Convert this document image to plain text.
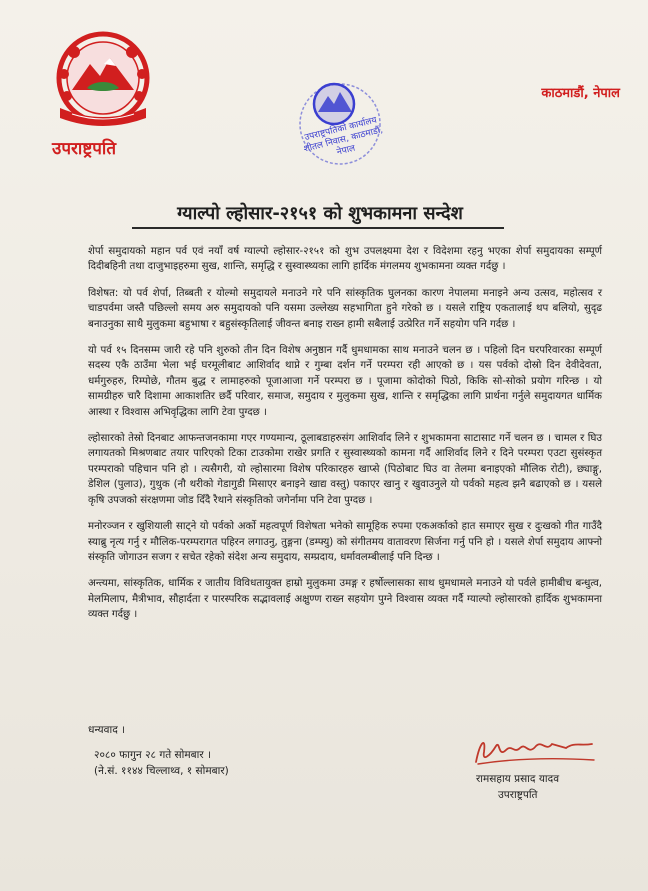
उपराष्ट्रपति
काठमाडौं, नेपाल
उपराष्ट्रपतिको कार्यालय शीतल निवास, काठमाडौं, नेपाल
ग्याल्पो ल्होसार-२१५१ को शुभकामना सन्देश

शेर्पा समुदायको महान पर्व एवं नयाँ वर्ष ग्याल्पो ल्होसार-२१५१ को शुभ उपलक्ष्यमा देश र विदेशमा रहनु भएका शेर्पा समुदायका सम्पूर्ण दिदीबहिनी तथा दाजुभाइहरुमा सुख, शान्ति, समृद्धि र सुस्वास्थ्यका लागि हार्दिक मंगलमय शुभकामना व्यक्त गर्दछु ।

विशेषत: यो पर्व शेर्पा, तिब्बती र योल्मो समुदायले मनाउने गरे पनि सांस्कृतिक घुलनका कारण नेपालमा मनाइने अन्य उत्सव, महोत्सव र चाडपर्वमा जस्तै पछिल्लो समय अरु समुदायको पनि यसमा उल्लेख्य सहभागिता हुने गरेको छ । यसले राष्ट्रिय एकतालाई थप बलियो, सुदृढ बनाउनुका साथै मुलुकमा बहुभाषा र बहुसंस्कृतिलाई जीवन्त बनाइ राख्न हामी सबैलाई उत्प्रेरित गर्ने सहयोग पनि गर्दछ ।

यो पर्व १५ दिनसम्म जारी रहे पनि शुरुको तीन दिन विशेष अनुष्ठान गर्दै धुमधामका साथ मनाउने चलन छ । पहिलो दिन घरपरिवारका सम्पूर्ण सदस्य एकै ठाउँमा भेला भई घरमूलीबाट आशिर्वाद थाप्ने र गुम्बा दर्शन गर्ने परम्परा रही आएको छ । यस पर्वको दोस्रो दिन देवीदेवता, धर्मगुरुहरु, रिम्पोछे, गौतम बुद्ध र लामाहरुको पूजाआजा गर्ने परम्परा छ । पूजामा कोदोको पिठो, किकि सो-सोको प्रयोग गरिन्छ । यो सामग्रीहरु चारै दिशामा आकाशतिर छर्दै परिवार, समाज, समुदाय र मुलुकमा सुख, शान्ति र समृद्धिका लागि प्रार्थना गर्नुले समुदायगत धार्मिक आस्था र विश्वास अभिवृद्धिका लागि टेवा पुग्दछ ।

ल्होसारको तेस्रो दिनबाट आफन्तजनकामा गएर गण्यमान्य, ठूलाबडाहरुसंग आशिर्वाद लिने र शुभकामना साटासाट गर्ने चलन छ । चामल र घिउ लगायतको मिश्रणबाट तयार पारिएको टिका टाउकोमा राखेर प्रगति र सुस्वास्थ्यको कामना गर्दै आशिर्वाद लिने र दिने परम्परा एउटा सुसंस्कृत परम्पराको पहिचान पनि हो । त्यसैगरी, यो ल्होसारमा विशेष परिकारहरु खाप्से (पिठोबाट घिउ वा तेलमा बनाइएको मौलिक रोटी), छ्याङ्गु, डेशिल (पुलाउ), गुथुक (नौ थरीको गेडागुडी मिसाएर बनाइने खाद्य वस्तु) पकाएर खानु र खुवाउनुले यो पर्वको महत्व झनै बढाएको छ । यसले कृषि उपजको संरक्षणमा जोड दिँदै रैथाने संस्कृतिको जगेर्नामा पनि टेवा पुग्दछ ।

मनोरञ्जन र खुशियाली साट्ने यो पर्वको अर्को महत्वपूर्ण विशेषता भनेको सामूहिक रुपमा एकअर्काको हात समाएर सुख र दुःखको गीत गाउँदै स्याब्रु नृत्य गर्नु र मौलिक-परम्परागत पहिरन लगाउनु, तुङ्गना (डम्फ्यु) को संगीतमय वातावरण सिर्जना गर्नु पनि हो । यसले शेर्पा समुदाय आफ्नो संस्कृति जोगाउन सजग र सचेत रहेको संदेश अन्य समुदाय, सम्प्रदाय, धर्मावलम्बीलाई पनि दिन्छ ।

अन्त्यमा, सांस्कृतिक, धार्मिक र जातीय विविधतायुक्त हाम्रो मुलुकमा उमङ्ग र हर्षोल्लासका साथ धुमधामले मनाउने यो पर्वले हामीबीच बन्धुत्व, मेलमिलाप, मैत्रीभाव, सौहार्दता र पारस्परिक सद्भावलाई अक्षुण्ण राख्न सहयोग पुग्ने विश्वास व्यक्त गर्दै ग्याल्पो ल्होसारको हार्दिक शुभकामना व्यक्त गर्दछु ।

धन्यवाद ।
२०८० फागुन २८ गते सोमबार ।
(ने.सं. ११४४ चिल्लाथ्व, १ सोमबार)
रामसहाय प्रसाद यादव
उपराष्ट्रपति
